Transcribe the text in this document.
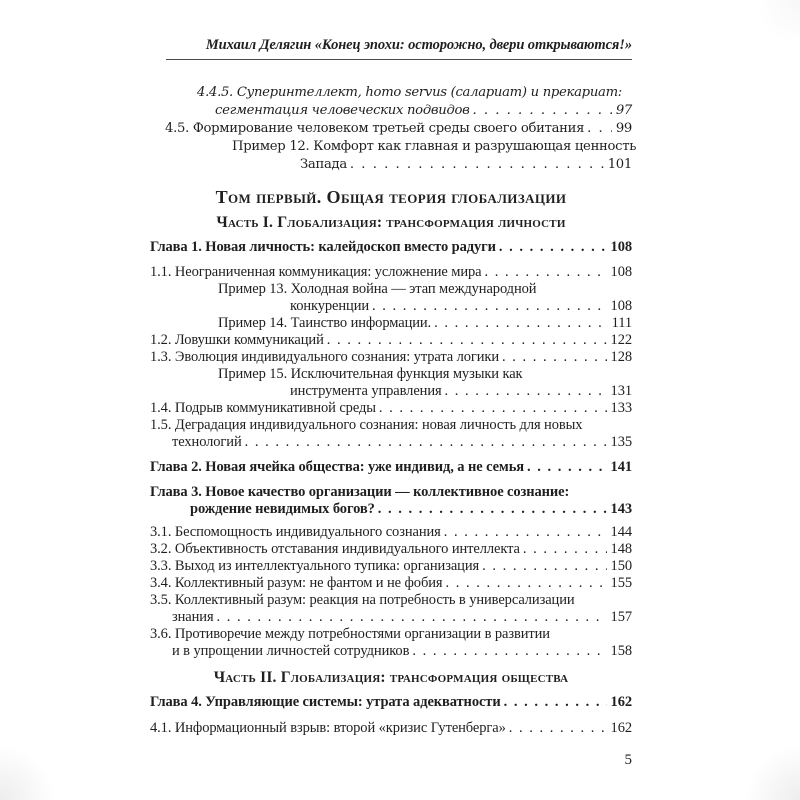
Михаил Делягин «Конец эпохи: осторожно, двери открываются!»
4.4.5. Суперинтеллект, homo servus (салариат) и прекариат:
сегментация человеческих подвидов . . .	97
4.5. Формирование человеком третьей среды своего обитания . . .	99
Пример 12. Комфорт как главная и разрушающая ценность
Запада . . .	101
Том первый. Общая теория глобализации
Часть I. Глобализация: трансформация личности
Глава 1. Новая личность: калейдоскоп вместо радуги . . .	108
1.1. Неограниченная коммуникация: усложнение мира . . .	108
Пример 13. Холодная война — этап международной
конкуренции . . .	108
Пример 14. Таинство информации. . . .	111
1.2. Ловушки коммуникаций . . .	122
1.3. Эволюция индивидуального сознания: утрата логики . . .	128
Пример 15. Исключительная функция музыки как
инструмента управления . . .	131
1.4. Подрыв коммуникативной среды . . .	133
1.5. Деградация индивидуального сознания: новая личность для новых
технологий . . .	135
Глава 2. Новая ячейка общества: уже индивид, а не семья . . .	141
Глава 3. Новое качество организации — коллективное сознание:
рождение невидимых богов? . . .	143
3.1. Беспомощность индивидуального сознания . . .	144
3.2. Объективность отставания индивидуального интеллекта . . .	148
3.3. Выход из интеллектуального тупика: организация . . .	150
3.4. Коллективный разум: не фантом и не фобия . . .	155
3.5. Коллективный разум: реакция на потребность в универсализации
знания . . .	157
3.6. Противоречие между потребностями организации в развитии
и в упрощении личностей сотрудников . . .	158
Часть II. Глобализация: трансформация общества
Глава 4. Управляющие системы: утрата адекватности . . .	162
4.1. Информационный взрыв: второй «кризис Гутенберга» . . .	162
5
